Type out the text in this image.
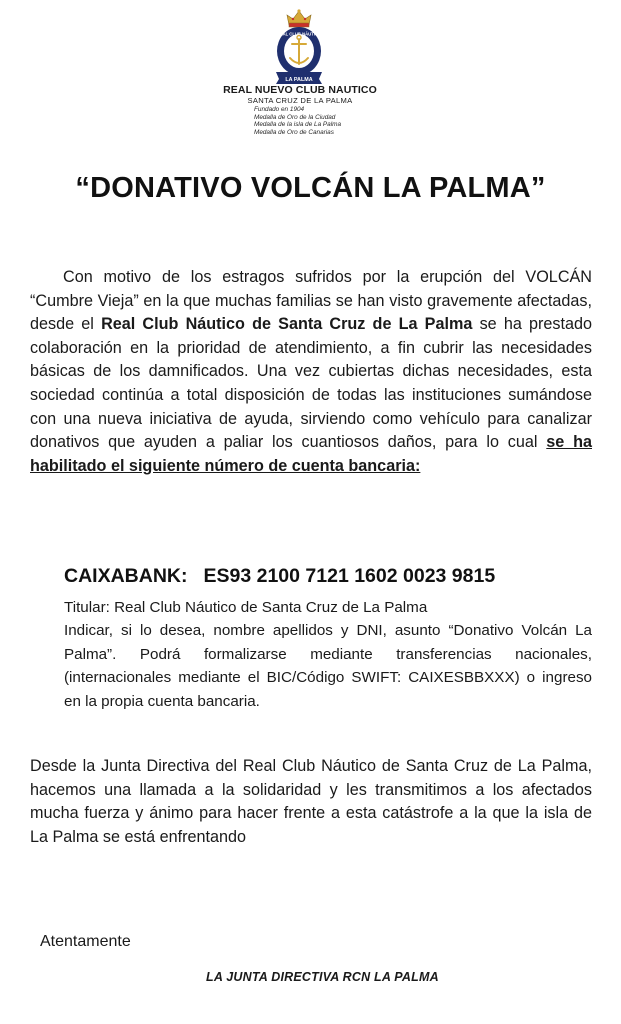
REAL CLUB NÁUTICO
LA PALMA
REAL NUEVO CLUB NAUTICO
SANTA CRUZ DE LA PALMA
Fundado en 1904
Medalla de Oro de la Ciudad
Medalla de la isla de La Palma
Medalla de Oro de Canarias
“DONATIVO VOLCÁN LA PALMA”

Con motivo de los estragos sufridos por la erupción del VOLCÁN “Cumbre Vieja” en la que muchas familias se han visto gravemente afectadas, desde el Real Club Náutico de Santa Cruz de La Palma se ha prestado colaboración en la prioridad de atendimiento, a fin cubrir las necesidades básicas de los damnificados. Una vez cubiertas dichas necesidades, esta sociedad continúa a total disposición de todas las instituciones sumándose con una nueva iniciativa de ayuda, sirviendo como vehículo para canalizar donativos que ayuden a paliar los cuantiosos daños, para lo cual se ha habilitado el siguiente número de cuenta bancaria:

CAIXABANK: ES93 2100 7121 1602 0023 9815

Titular: Real Club Náutico de Santa Cruz de La Palma

Indicar, si lo desea, nombre apellidos y DNI, asunto “Donativo Volcán La Palma”. Podrá formalizarse mediante transferencias nacionales, (internacionales mediante el BIC/Código SWIFT: CAIXESBBXXX) o ingreso en la propia cuenta bancaria.

Desde la Junta Directiva del Real Club Náutico de Santa Cruz de La Palma, hacemos una llamada a la solidaridad y les transmitimos a los afectados mucha fuerza y ánimo para hacer frente a esta catástrofe a la que la isla de La Palma se está enfrentando

Atentamente
LA JUNTA DIRECTIVA RCN LA PALMA
